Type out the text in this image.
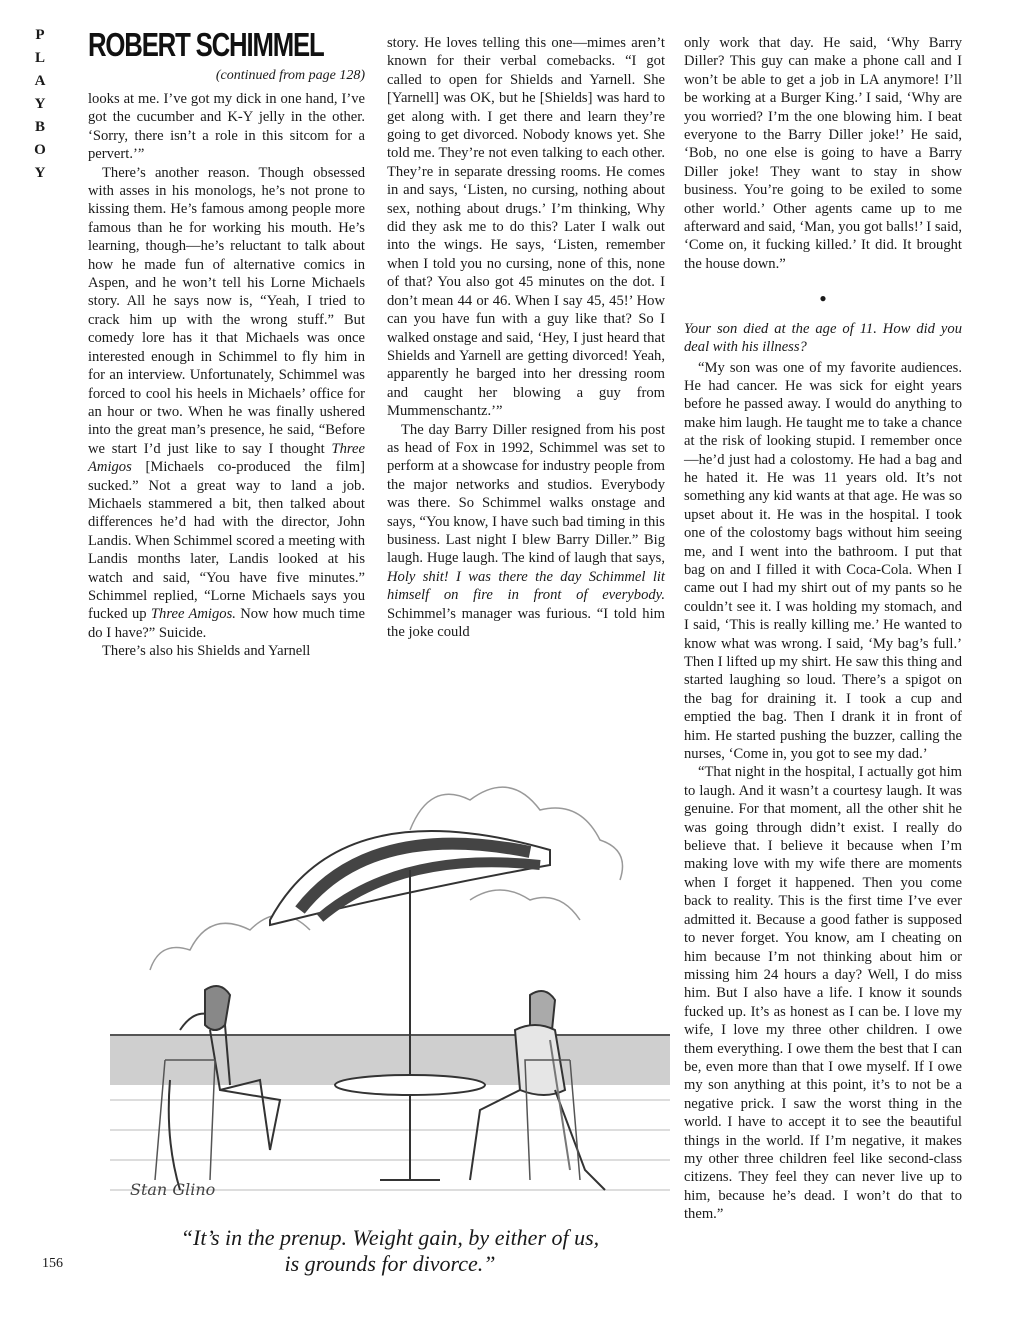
P
L
A
Y
B
O
Y
ROBERT SCHIMMEL
(continued from page 128)

looks at me. I’ve got my dick in one hand, I’ve got the cucumber and K-Y jelly in the other. ‘Sorry, there isn’t a role in this sitcom for a pervert.’”

There’s another reason. Though obsessed with asses in his monologs, he’s not prone to kissing them. He’s famous among people more famous than he for working his mouth. He’s learning, though—he’s reluctant to talk about how he made fun of alternative comics in Aspen, and he won’t tell his Lorne Michaels story. All he says now is, “Yeah, I tried to crack him up with the wrong stuff.” But comedy lore has it that Michaels was once interested enough in Schimmel to fly him in for an interview. Unfortunately, Schimmel was forced to cool his heels in Michaels’ office for an hour or two. When he was finally ushered into the great man’s presence, he said, “Before we start I’d just like to say I thought Three Amigos [Michaels co-produced the film] sucked.” Not a great way to land a job. Michaels stammered a bit, then talked about differences he’d had with the director, John Landis. When Schimmel scored a meeting with Landis months later, Landis looked at his watch and said, “You have five minutes.” Schimmel replied, “Lorne Michaels says you fucked up Three Amigos. Now how much time do I have?” Suicide.

There’s also his Shields and Yarnell

story. He loves telling this one—mimes aren’t known for their verbal comebacks. “I got called to open for Shields and Yarnell. She [Yarnell] was OK, but he [Shields] was hard to get along with. I get there and learn they’re going to get divorced. Nobody knows yet. She told me. They’re not even talking to each other. They’re in separate dressing rooms. He comes in and says, ‘Listen, no cursing, nothing about sex, nothing about drugs.’ I’m thinking, Why did they ask me to do this? Later I walk out into the wings. He says, ‘Listen, remember when I told you no cursing, none of this, none of that? You also got 45 minutes on the dot. I don’t mean 44 or 46. When I say 45, 45!’ How can you have fun with a guy like that? So I walked onstage and said, ‘Hey, I just heard that Shields and Yarnell are getting divorced! Yeah, apparently he barged into her dressing room and caught her blowing a guy from Mummenschantz.’”

The day Barry Diller resigned from his post as head of Fox in 1992, Schimmel was set to perform at a showcase for industry people from the major networks and studios. Everybody was there. So Schimmel walks onstage and says, “You know, I have such bad timing in this business. Last night I blew Barry Diller.” Big laugh. Huge laugh. The kind of laugh that says, Holy shit! I was there the day Schimmel lit himself on fire in front of everybody. Schimmel’s manager was furious. “I told him the joke could

only work that day. He said, ‘Why Barry Diller? This guy can make a phone call and I won’t be able to get a job in LA anymore! I’ll be working at a Burger King.’ I said, ‘Why are you worried? I’m the one blowing him. I beat everyone to the Barry Diller joke!’ He said, ‘Bob, no one else is going to have a Barry Diller joke! They want to stay in show business. You’re going to be exiled to some other world.’ Other agents came up to me afterward and said, ‘Man, you got balls!’ I said, ‘Come on, it fucking killed.’ It did. It brought the house down.”

●

Your son died at the age of 11. How did you deal with his illness?

“My son was one of my favorite audiences. He had cancer. He was sick for eight years before he passed away. I would do anything to make him laugh. He taught me to take a chance at the risk of looking stupid. I remember once—he’d just had a colostomy. He had a bag and he hated it. He was 11 years old. It’s not something any kid wants at that age. He was so upset about it. He was in the hospital. I took one of the colostomy bags without him seeing me, and I went into the bathroom. I put that bag on and I filled it with Coca-Cola. When I came out I had my shirt out of my pants so he couldn’t see it. I was holding my stomach, and I said, ‘This is really killing me.’ He wanted to know what was wrong. I said, ‘My bag’s full.’ Then I lifted up my shirt. He saw this thing and started laughing so loud. There’s a spigot on the bag for draining it. I took a cup and emptied the bag. Then I drank it in front of him. He started pushing the buzzer, calling the nurses, ‘Come in, you got to see my dad.’

“That night in the hospital, I actually got him to laugh. And it wasn’t a courtesy laugh. It was genuine. For that moment, all the other shit he was going through didn’t exist. I really do believe that. I believe it because when I’m making love with my wife there are moments when I forget it happened. Then you come back to reality. This is the first time I’ve ever admitted it. Because a good father is supposed to never forget. You know, am I cheating on him because I’m not thinking about him or missing him 24 hours a day? Well, I do miss him. But I also have a life. I know it sounds fucked up. It’s as honest as I can be. I love my wife, I love my three other children. I owe them everything. I owe them the best that I can be, even more than that I owe myself. If I owe my son anything at this point, it’s to not be a negative prick. I saw the worst thing in the world. I have to accept it to see the beautiful things in the world. If I’m negative, it makes my other three children feel like second-class citizens. They feel they can never live up to him, because he’s dead. I won’t do that to them.”

Stan Glino
“It’s in the prenup. Weight gain, by either of us,
is grounds for divorce.”
156
